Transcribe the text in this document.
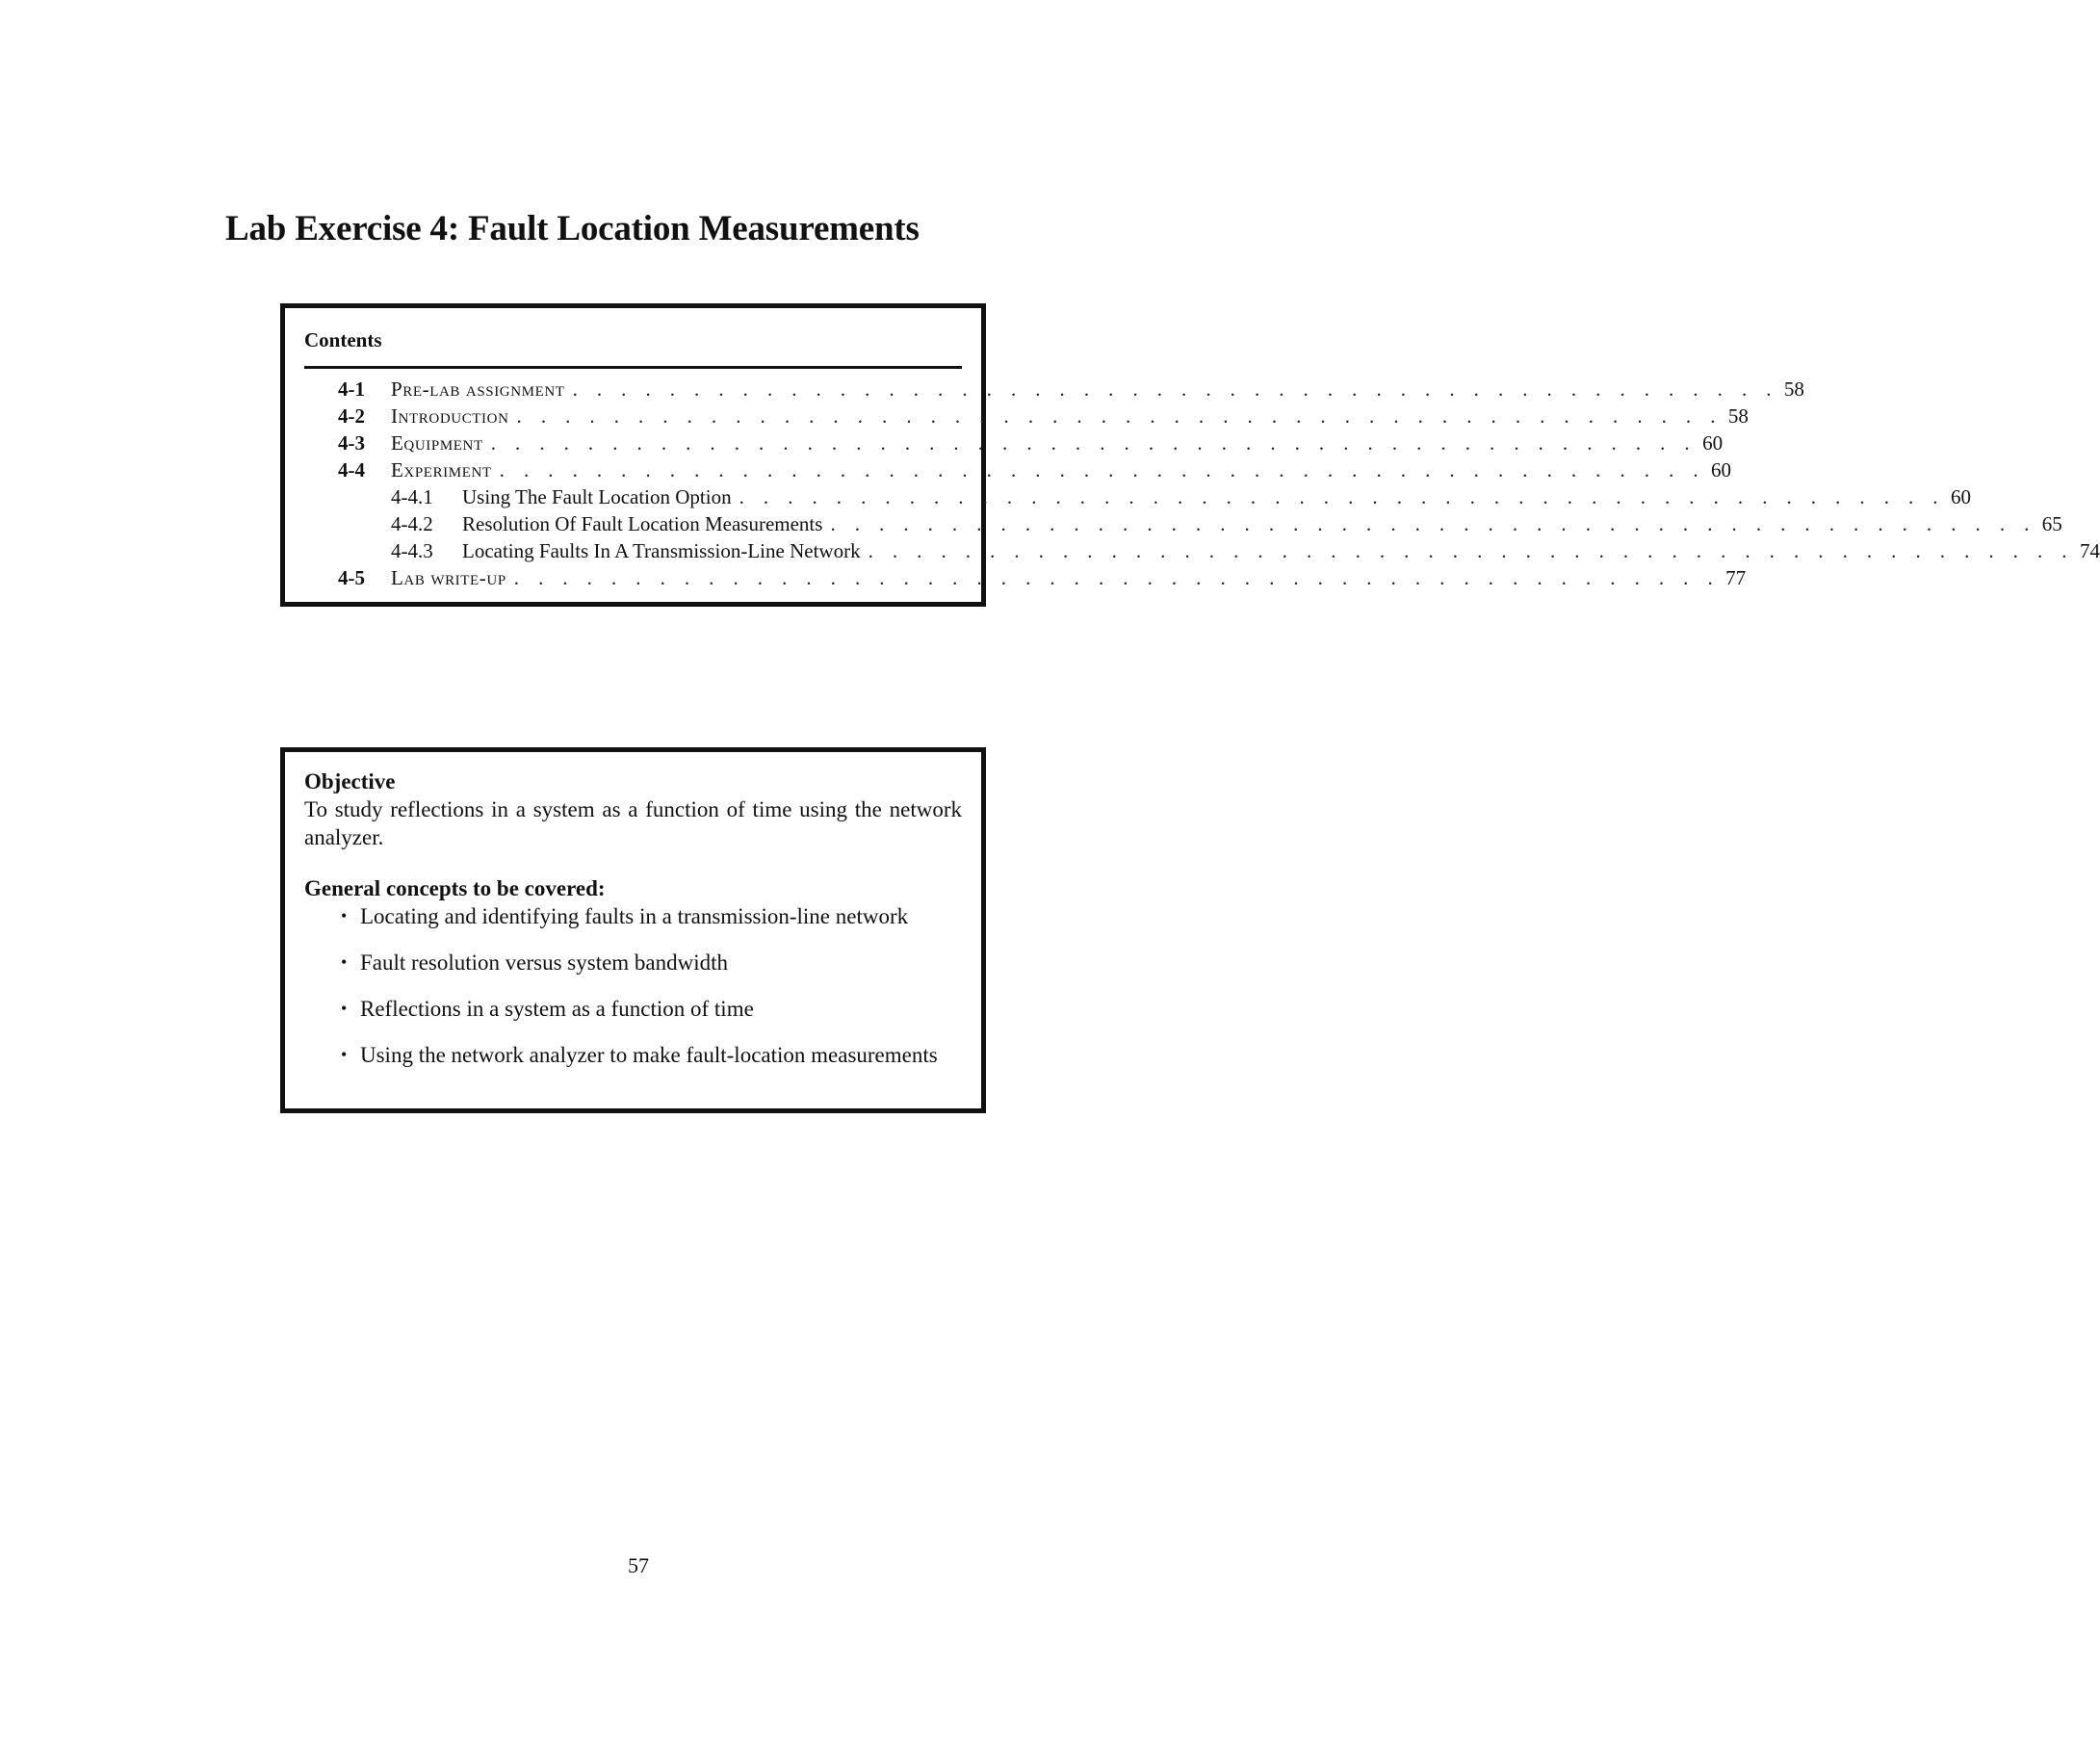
Lab Exercise 4: Fault Location Measurements
Contents
4-1	Pre-lab assignment . . . . . . . . . . . . . . . . . . . . . . . . . . . . . . . . . . . . . . . . . . . . . . . . . . 58
4-2	Introduction . . . . . . . . . . . . . . . . . . . . . . . . . . . . . . . . . . . . . . . . . . . . . . . . . . 58
4-3	Equipment . . . . . . . . . . . . . . . . . . . . . . . . . . . . . . . . . . . . . . . . . . . . . . . . . . 60
4-4	Experiment . . . . . . . . . . . . . . . . . . . . . . . . . . . . . . . . . . . . . . . . . . . . . . . . . . 60
4-4.1	Using The Fault Location Option . . . . . . . . . . . . . . . . . . . . . . . . . . . . . . . . . . . . . . . . . . . . . . . . . . 60
4-4.2	Resolution Of Fault Location Measurements . . . . . . . . . . . . . . . . . . . . . . . . . . . . . . . . . . . . . . . . . . . . . . . . . . 65
4-4.3	Locating Faults In A Transmission-Line Network . . . . . . . . . . . . . . . . . . . . . . . . . . . . . . . . . . . . . . . . . . . . . . . . . . 74
4-5	Lab write-up . . . . . . . . . . . . . . . . . . . . . . . . . . . . . . . . . . . . . . . . . . . . . . . . . . 77

Objective

To study reflections in a system as a function of time using the network analyzer.

General concepts to be covered:

• Locating and identifying faults in a transmission-line network
• Fault resolution versus system bandwidth
• Reflections in a system as a function of time
• Using the network analyzer to make fault-location measurements
57
